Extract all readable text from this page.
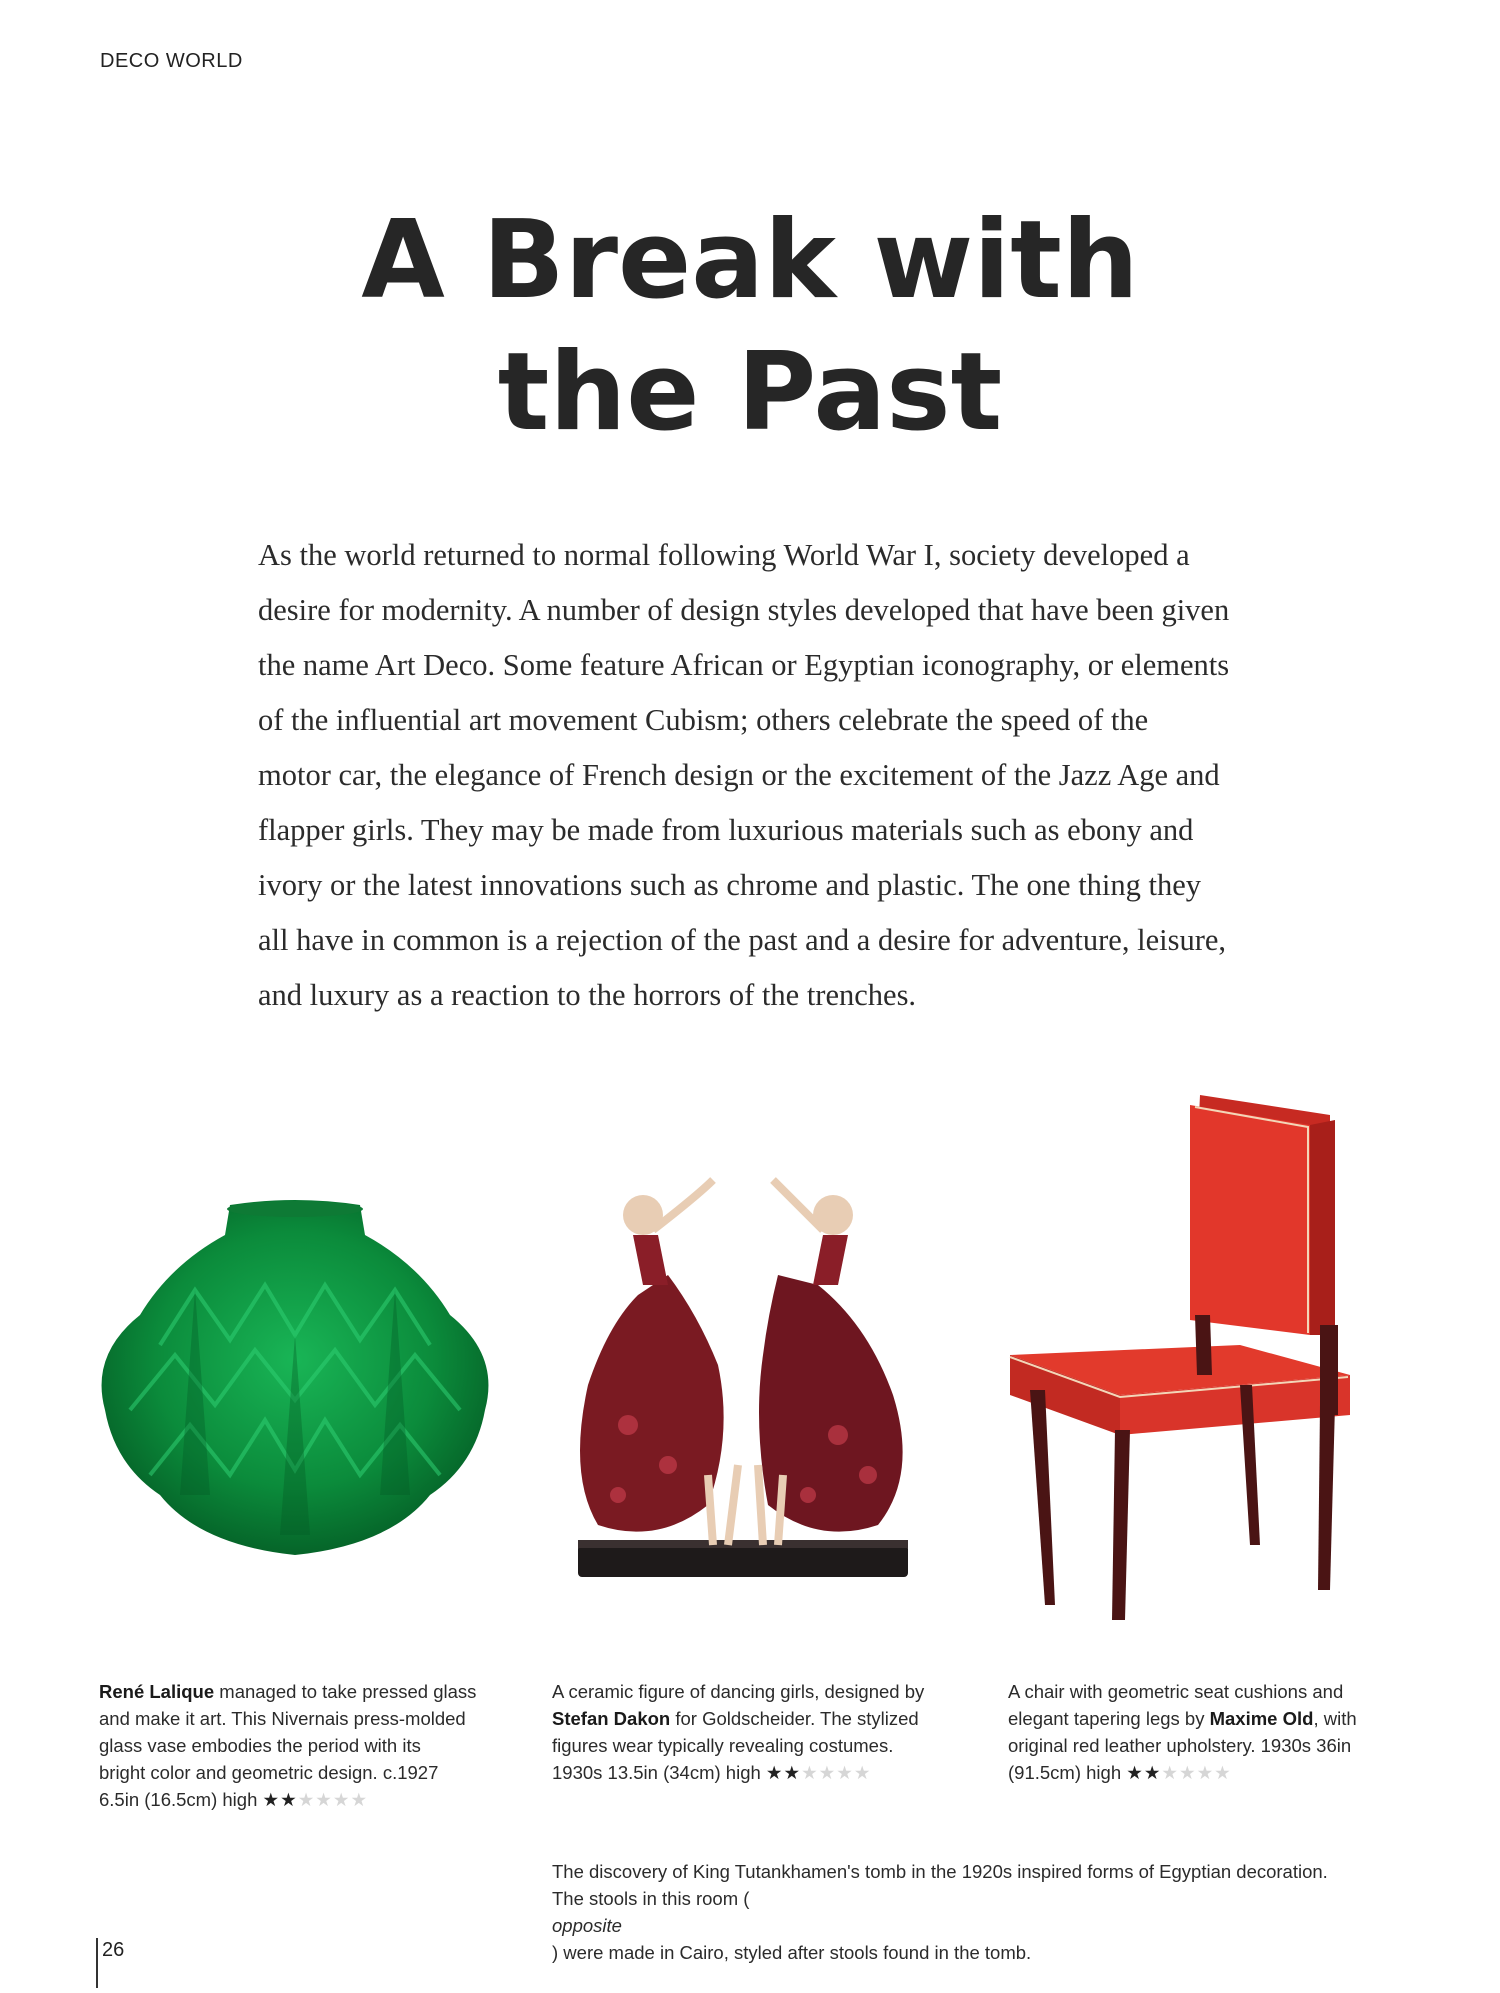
DECO WORLD
A Break with
the Past

As the world returned to normal following World War I, society developed a
desire for modernity. A number of design styles developed that have been given
the name Art Deco. Some feature African or Egyptian iconography, or elements
of the influential art movement Cubism; others celebrate the speed of the
motor car, the elegance of French design or the excitement of the Jazz Age and
flapper girls. They may be made from luxurious materials such as ebony and
ivory or the latest innovations such as chrome and plastic. The one thing they
all have in common is a rejection of the past and a desire for adventure, leisure,
and luxury as a reaction to the horrors of the trenches.

René Lalique managed to take pressed glass
and make it art. This Nivernais press-molded
glass vase embodies the period with its
bright color and geometric design. c.1927
6.5in (16.5cm) high ★★★★★★

A ceramic figure of dancing girls, designed by
Stefan Dakon for Goldscheider. The stylized
figures wear typically revealing costumes.
1930s 13.5in (34cm) high ★★★★★★

A chair with geometric seat cushions and
elegant tapering legs by Maxime Old, with
original red leather upholstery. 1930s 36in
(91.5cm) high ★★★★★★

The discovery of King Tutankhamen's tomb in the 1920s inspired forms of Egyptian decoration.
The stools in this room (
opposite
) were made in Cairo, styled after stools found in the tomb.

26
